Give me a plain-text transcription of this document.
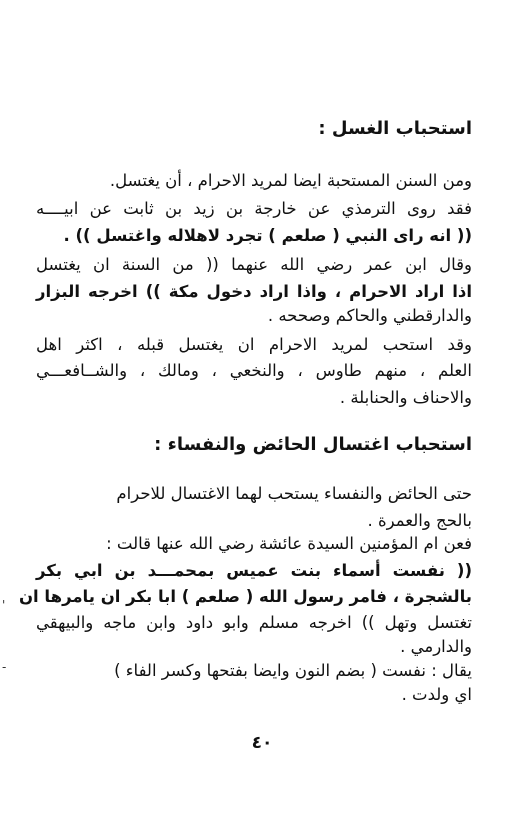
استحباب الغسل :
ومن السنن المستحبة ايضا لمريد الاحرام ، أن يغتسل.
فقد روى الترمذي عن خارجة بن زيد بن ثابت عن ابيــــه
(( انه راى النبي ( صلعم ) تجرد لاهلاله واغتسل )) .
وقال ابن عمر رضي الله عنهما (( من السنة ان يغتسل
اذا اراد الاحرام ، واذا اراد دخول مكة )) اخرجه البزار
والدارقطني والحاكم وصححه .
وقد استحب لمريد الاحرام ان يغتسل قبله ، اكثر اهل
العلم ، منهم طاوس ، والنخعي ، ومالك ، والشــافعـــي
والاحناف والحنابلة .
استحباب اغتسال الحائض والنفساء :
حتى الحائض والنفساء يستحب لهما الاغتسال للاحرام
بالحج والعمرة .
فعن ام المؤمنين السيدة عائشة رضي الله عنها قالت :
(( نفست أسماء بنت عميس بمحمـــد بن ابي بكر
بالشجرة ، فامر رسول الله ( صلعم ) ابا بكر ان يامرها ان
تغتسل وتهل )) اخرجه مسلم وابو داود وابن ماجه والبيهقي
والدارمي .
يقال : نفست ( بضم النون وايضا بفتحها وكسر الفاء )
اي ولدت .
٤٠
'
-
